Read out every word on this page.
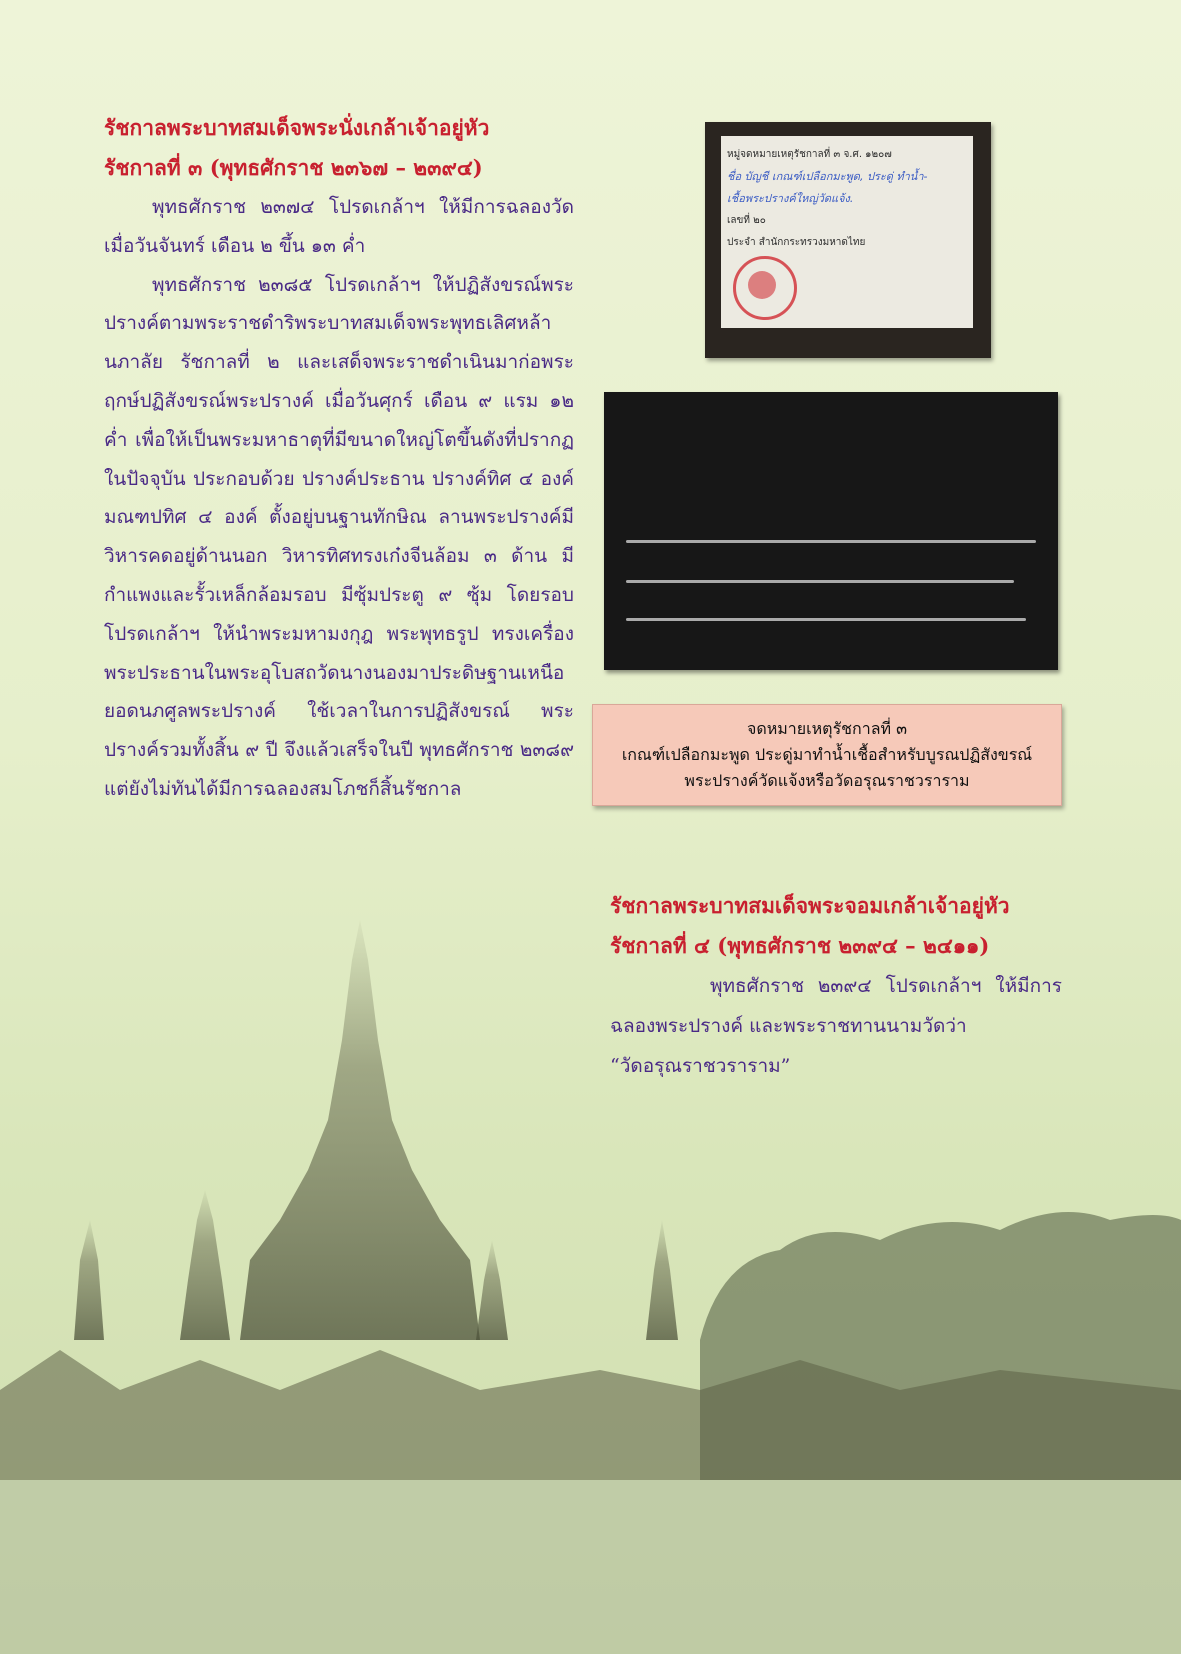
รัชกาลพระบาทสมเด็จพระนั่งเกล้าเจ้าอยู่หัว

รัชกาลที่ ๓ (พุทธศักราช ๒๓๖๗ – ๒๓๙๔)

พุทธศักราช ๒๓๗๔ โปรดเกล้าฯ ให้มีการฉลองวัด เมื่อวันจันทร์ เดือน ๒ ขึ้น ๑๓ ค่ำ

พุทธศักราช ๒๓๘๕ โปรดเกล้าฯ ให้ปฏิสังขรณ์พระปรางค์ตามพระราชดำริพระบาทสมเด็จพระพุทธเลิศหล้านภาลัย รัชกาลที่ ๒ และเสด็จพระราชดำเนินมาก่อพระฤกษ์ปฏิสังขรณ์พระปรางค์ เมื่อวันศุกร์ เดือน ๙ แรม ๑๒ ค่ำ เพื่อให้เป็นพระมหาธาตุที่มีขนาดใหญ่โตขึ้นดังที่ปรากฏในปัจจุบัน ประกอบด้วย ปรางค์ประธาน ปรางค์ทิศ ๔ องค์ มณฑปทิศ ๔ องค์ ตั้งอยู่บนฐานทักษิณ ลานพระปรางค์มีวิหารคดอยู่ด้านนอก วิหารทิศทรงเก๋งจีนล้อม ๓ ด้าน มีกำแพงและรั้วเหล็กล้อมรอบ มีซุ้มประตู ๙ ซุ้ม โดยรอบ โปรดเกล้าฯ ให้นำพระมหามงกุฎ พระพุทธรูป ทรงเครื่องพระประธานในพระอุโบสถวัดนางนองมาประดิษฐานเหนือยอดนภศูลพระปรางค์ ใช้เวลาในการปฏิสังขรณ์ พระปรางค์รวมทั้งสิ้น ๙ ปี จึงแล้วเสร็จในปี พุทธศักราช ๒๓๘๙ แต่ยังไม่ทันได้มีการฉลองสมโภชก็สิ้นรัชกาล

หมู่จดหมายเหตุรัชกาลที่ ๓ จ.ศ. ๑๒๐๗
ชื่อ บัญชี เกณฑ์เปลือกมะพูด, ประดู่ ทำน้ำ-
เชื้อพระปรางค์ใหญ่วัดแจ้ง.
เลขที่ ๒๐
ประจำ สำนักกระทรวงมหาดไทย
จดหมายเหตุรัชกาลที่ ๓
เกณฑ์เปลือกมะพูด ประดู่มาทำน้ำเชื้อสำหรับบูรณปฏิสังขรณ์
พระปรางค์วัดแจ้งหรือวัดอรุณราชวราราม

รัชกาลพระบาทสมเด็จพระจอมเกล้าเจ้าอยู่หัว

รัชกาลที่ ๔ (พุทธศักราช ๒๓๙๔ – ๒๔๑๑)

พุทธศักราช ๒๓๙๔ โปรดเกล้าฯ ให้มีการฉลองพระปรางค์ และพระราชทานนามวัดว่า

“วัดอรุณราชวราราม”
